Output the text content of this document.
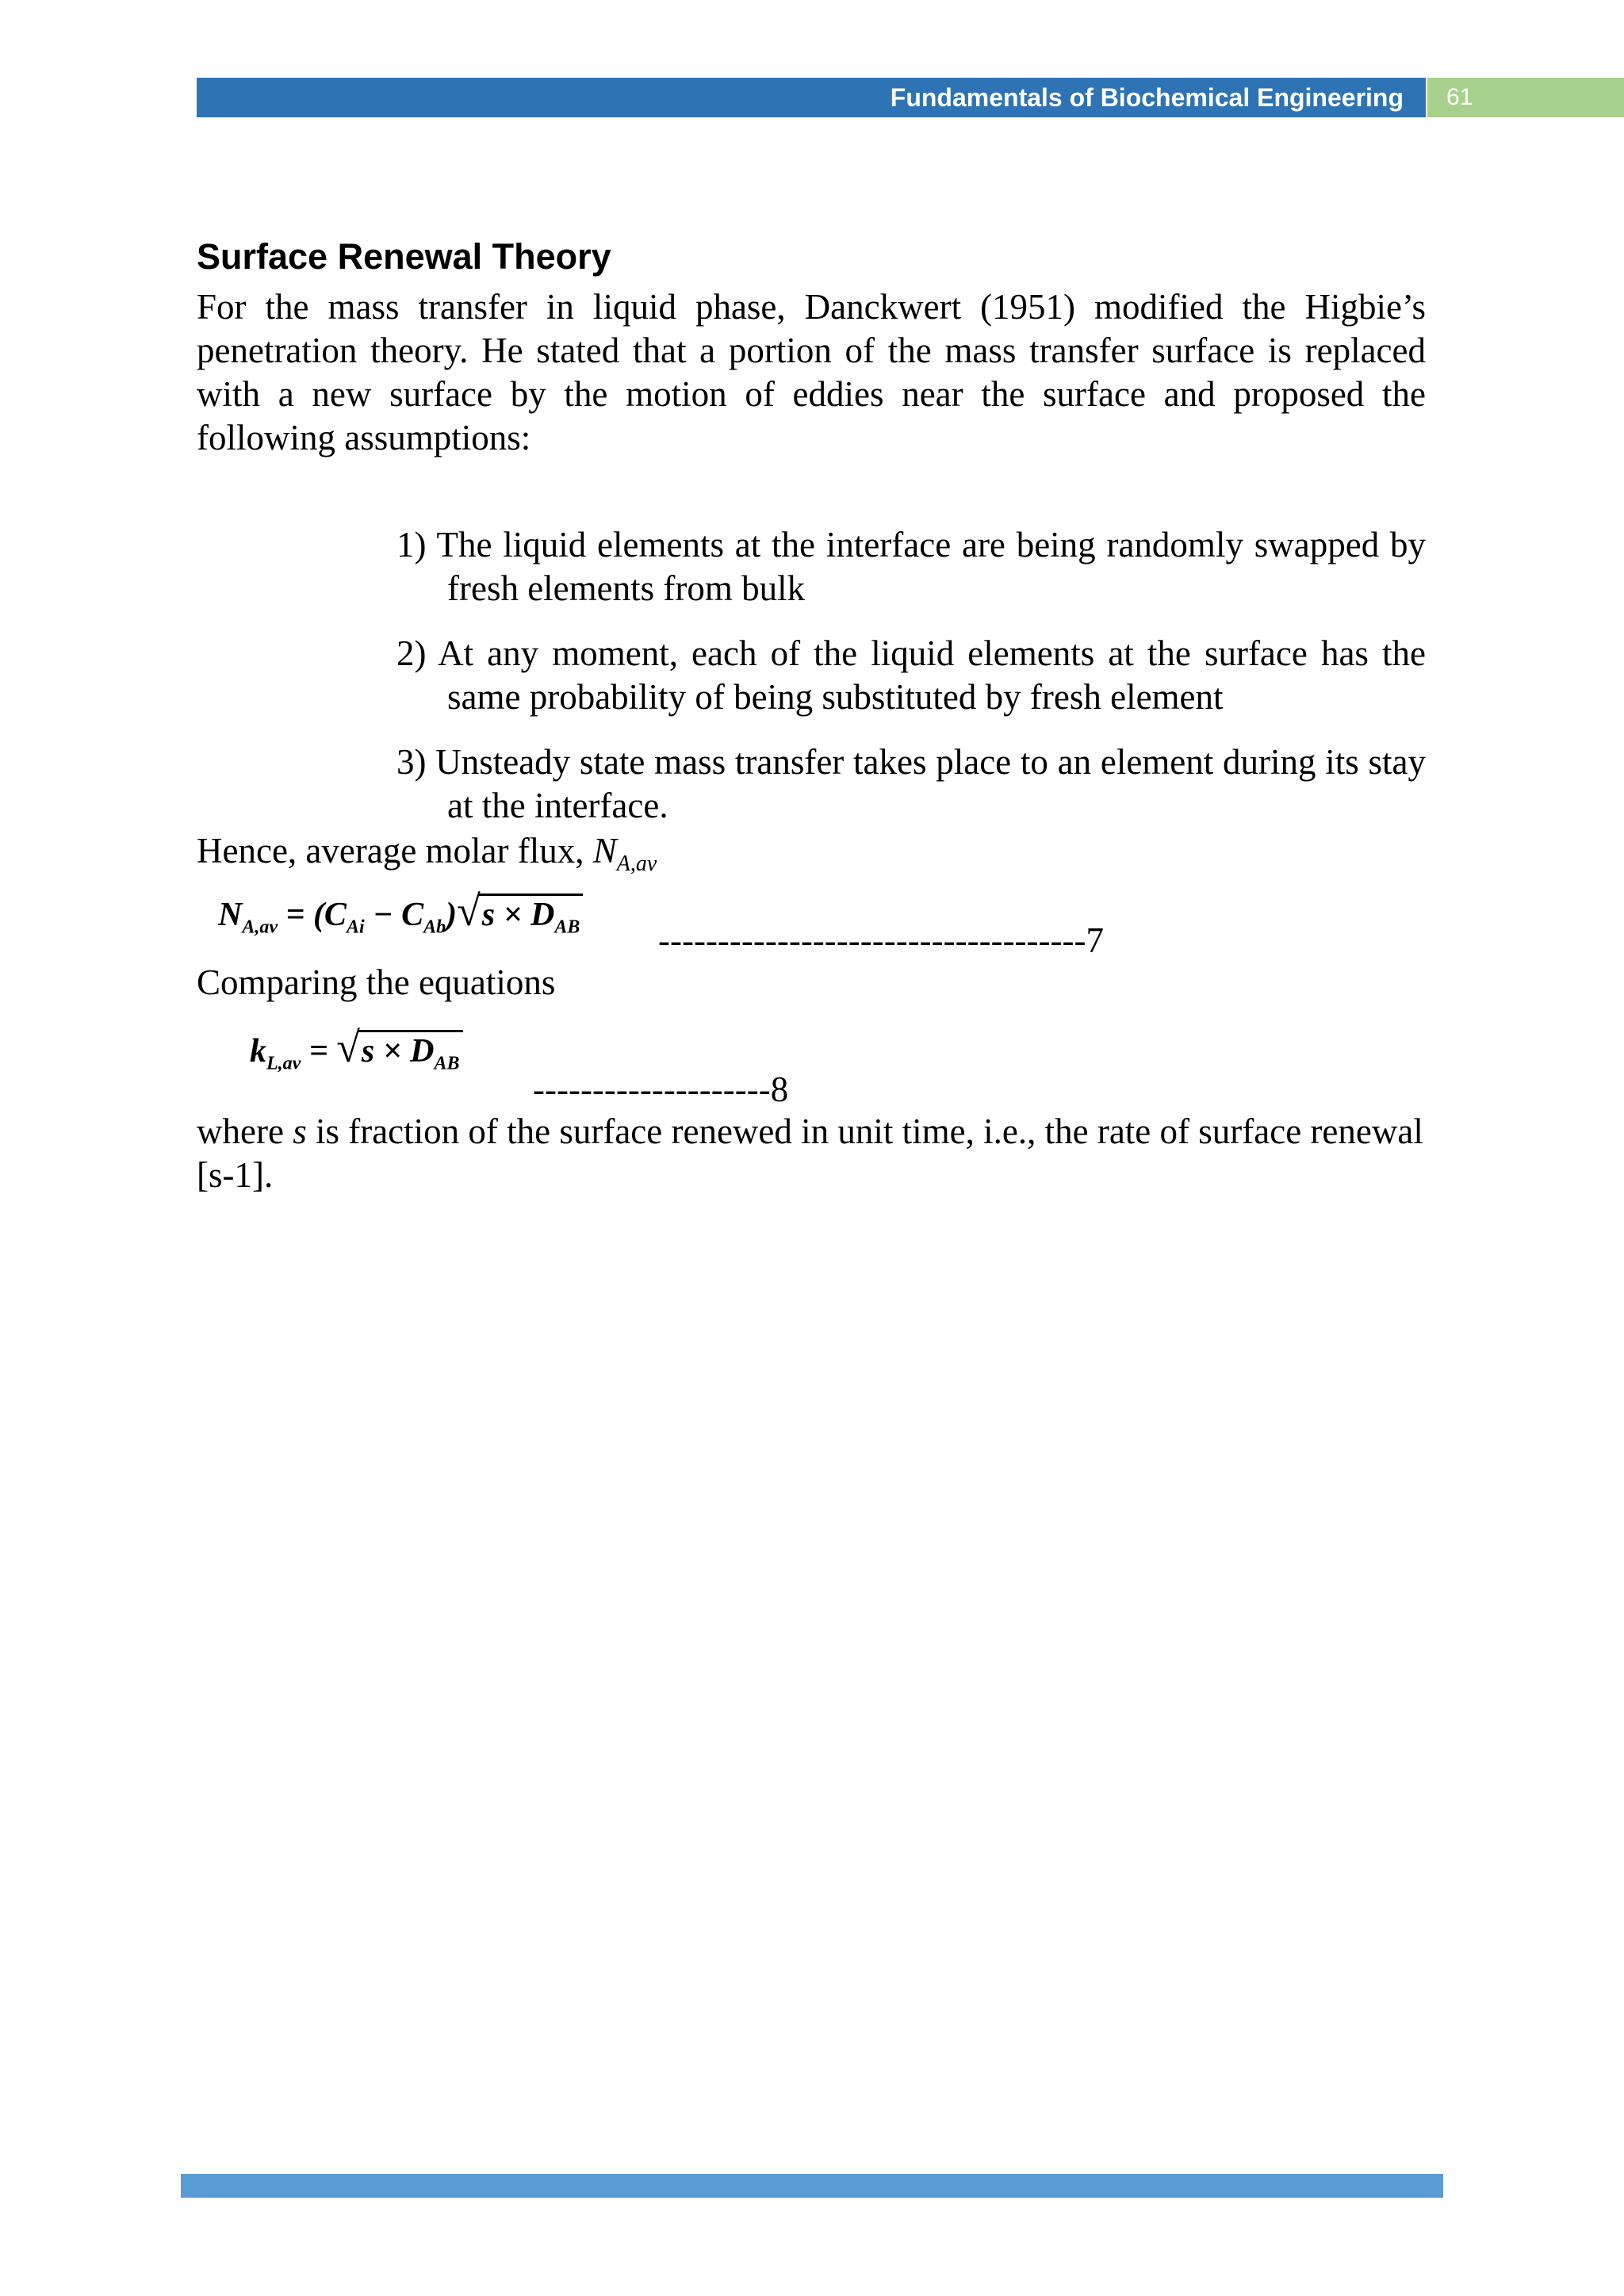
Fundamentals of Biochemical Engineering 61
Surface Renewal Theory

For the mass transfer in liquid phase, Danckwert (1951) modified the Higbie’s penetration theory. He stated that a portion of the mass transfer surface is replaced with a new surface by the motion of eddies near the surface and proposed the following assumptions:

1) The liquid elements at the interface are being randomly swapped by fresh elements from bulk
2) At any moment, each of the liquid elements at the surface has the same probability of being substituted by fresh element
3) Unsteady state mass transfer takes place to an element during its stay at the interface.

Hence, average molar flux, $N_{A,av}$

$N_{A,av} = (C_{Ai} - C_{Ab})√s \times D_{AB}$ ------------------------------------7

Comparing the equations

$k_{L,av} = √s \times D_{AB}$
--------------------8

where s is fraction of the surface renewed in unit time, i.e., the rate of surface renewal [s-1].
